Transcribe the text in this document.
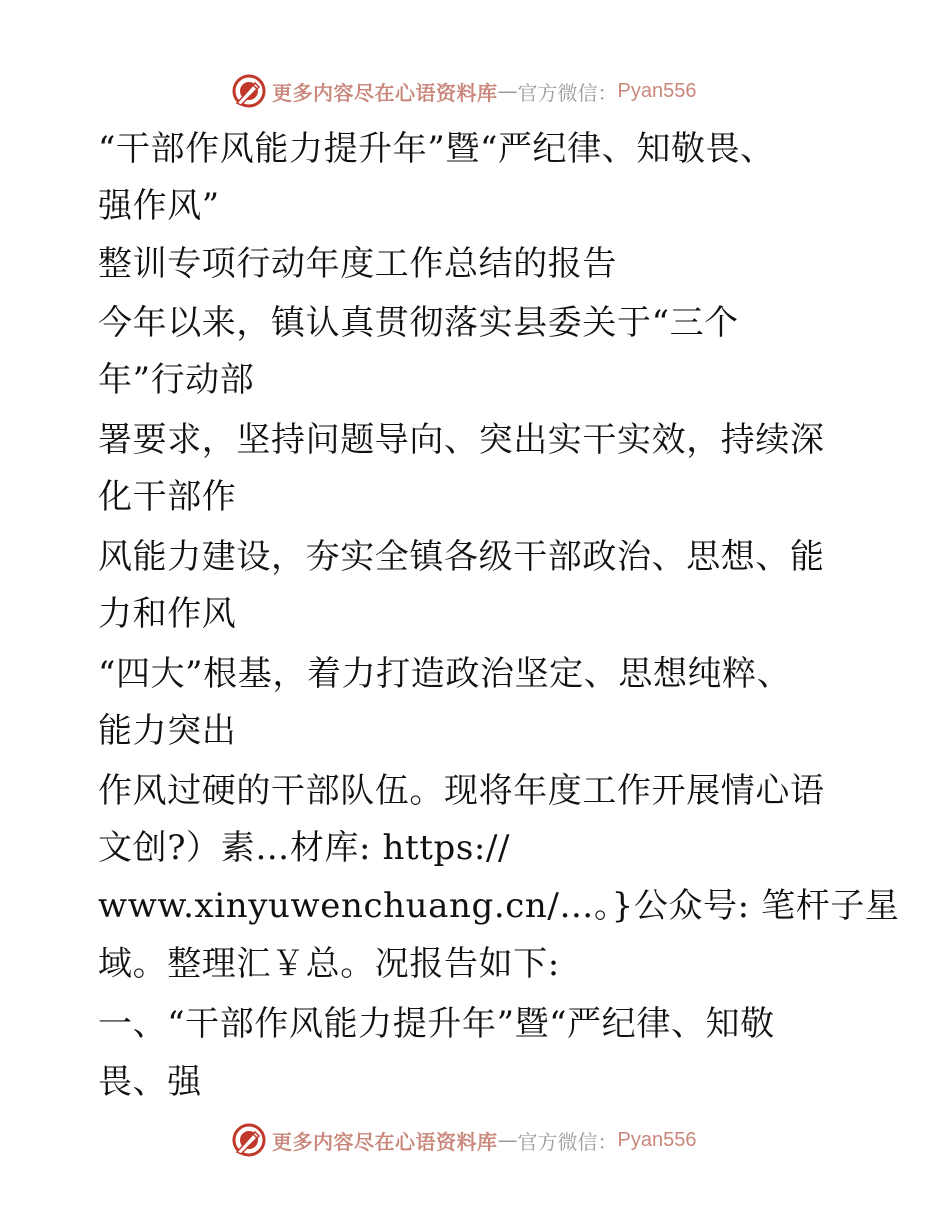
更多内容尽在心语资料库 — 官方微信： Pyan556

“干部作风能力提升年”暨“严纪律、知敬畏、

强作风”

整训专项行动年度工作总结的报告

今年以来，镇认真贯彻落实县委关于“三个

年”行动部

署要求，坚持问题导向、突出实干实效，持续深

化干部作

风能力建设，夯实全镇各级干部政治、思想、能

力和作风

“四大”根基，着力打造政治坚定、思想纯粹、

能力突出

作风过硬的干部队伍。现将年度工作开展情心语

文创?）素…材库: https://

www.xinyuwenchuang.cn/…。}公众号: 笔杆子星

域。整理汇￥总。况报告如下:

一、“干部作风能力提升年”暨“严纪律、知敬

畏、强

更多内容尽在心语资料库 — 官方微信： Pyan556
